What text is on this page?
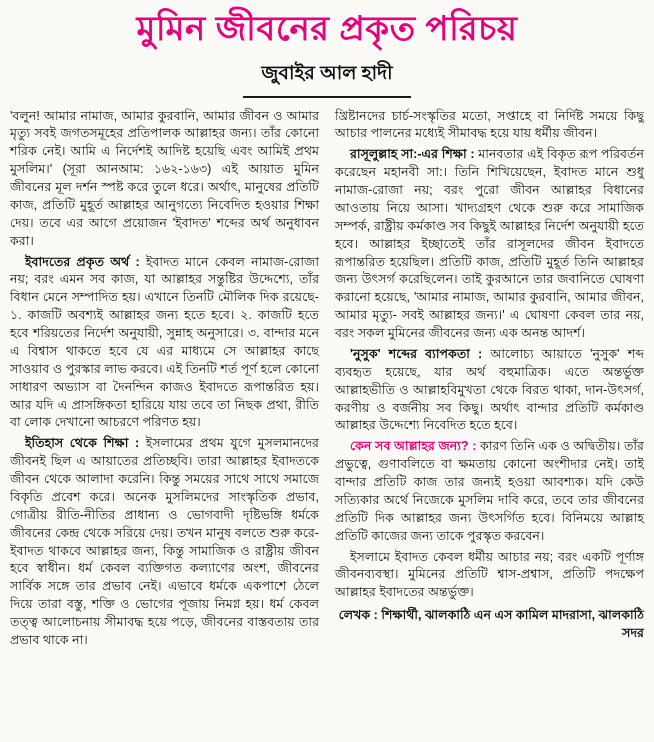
মুমিন জীবনের প্রকৃত পরিচয়
জুবাইর আল হাদী

'বলুন! আমার নামাজ, আমার কুরবানি, আমার জীবন ও আমার মৃত্যু সবই জগতসমূহের প্রতিপালক আল্লাহর জন্য। তাঁর কোনো শরিক নেই। আমি এ নির্দেশই আদিষ্ট হয়েছি এবং আমিই প্রথম মুসলিম।' (সূরা আনআম: ১৬২-১৬৩) এই আয়াত মুমিন জীবনের মূল দর্শন স্পষ্ট করে তুলে ধরে। অর্থাৎ, মানুষের প্রতিটি কাজ, প্রতিটি মুহূর্ত আল্লাহর আনুগত্যে নিবেদিত হওয়ার শিক্ষা দেয়। তবে এর আগে প্রয়োজন 'ইবাদত' শব্দের অর্থ অনুধাবন করা।

ইবাদতের প্রকৃত অর্থ : ইবাদত মানে কেবল নামাজ-রোজা নয়; বরং এমন সব কাজ, যা আল্লাহর সন্তুষ্টির উদ্দেশ্যে, তাঁর বিধান মেনে সম্পাদিত হয়। এখানে তিনটি মৌলিক দিক রয়েছে- ১. কাজটি অবশ্যই আল্লাহর জন্য হতে হবে। ২. কাজটি হতে হবে শরিয়তের নির্দেশ অনুযায়ী, সুন্নাহ অনুসারে। ৩. বান্দার মনে এ বিশ্বাস থাকতে হবে যে এর মাধ্যমে সে আল্লাহর কাছে সাওয়াব ও পুরস্কার লাভ করবে। এই তিনটি শর্ত পূর্ণ হলে কোনো সাধারণ অভ্যাস বা দৈনন্দিন কাজও ইবাদতে রূপান্তরিত হয়। আর যদি এ প্রাসঙ্গিকতা হারিয়ে যায় তবে তা নিছক প্রথা, রীতি বা লোক দেখানো আচরণে পরিণত হয়।

ইতিহাস থেকে শিক্ষা : ইসলামের প্রথম যুগে মুসলমানদের জীবনই ছিল এ আয়াতের প্রতিচ্ছবি। তারা আল্লাহর ইবাদতকে জীবন থেকে আলাদা করেনি। কিন্তু সময়ের সাথে সাথে সমাজে বিকৃতি প্রবেশ করে। অনেক মুসলিমদের সাংস্কৃতিক প্রভাব, গোত্রীয় রীতি-নীতির প্রাধান্য ও ভোগবাদী দৃষ্টিভঙ্গি ধর্মকে জীবনের কেন্দ্র থেকে সরিয়ে দেয়। তখন মানুষ বলতে শুরু করে- ইবাদত থাকবে আল্লাহর জন্য, কিন্তু সামাজিক ও রাষ্ট্রীয় জীবন হবে স্বাধীন। ধর্ম কেবল ব্যক্তিগত কল্যাণের অংশ, জীবনের সার্বিক সঙ্গে তার প্রভাব নেই। এভাবে ধর্মকে একপাশে ঠেলে দিয়ে তারা বস্তু, শক্তি ও ভোগের পূজায় নিমগ্ন হয়। ধর্ম কেবল তত্ত্ব আলোচনায় সীমাবদ্ধ হয়ে পড়ে, জীবনের বাস্তবতায় তার প্রভাব থাকে না।

খ্রিষ্টানদের চার্চ-সংস্কৃতির মতো, সপ্তাহে বা নির্দিষ্ট সময়ে কিছু আচার পালনের মধ্যেই সীমাবদ্ধ হয়ে যায় ধর্মীয় জীবন।

রাসূলুল্লাহ সা:-এর শিক্ষা : মানবতার এই বিকৃত রূপ পরিবর্তন করেছেন মহানবী সা:। তিনি শিখিয়েছেন, ইবাদত মানে শুধু নামাজ-রোজা নয়; বরং পুরো জীবন আল্লাহর বিধানের আওতায় নিয়ে আসা। খাদ্যগ্রহণ থেকে শুরু করে সামাজিক সম্পর্ক, রাষ্ট্রীয় কর্মকাণ্ড সব কিছুই আল্লাহর নির্দেশ অনুযায়ী হতে হবে। আল্লাহর ইচ্ছাতেই তাঁর রাসূলদের জীবন ইবাদতে রূপান্তরিত হয়েছিল। প্রতিটি কাজ, প্রতিটি মুহূর্ত তিনি আল্লাহর জন্য উৎসর্গ করেছিলেন। তাই কুরআনে তার জবানিতে ঘোষণা করানো হয়েছে, 'আমার নামাজ, আমার কুরবানি, আমার জীবন, আমার মৃত্যু- সবই আল্লাহর জন্য।' এ ঘোষণা কেবল তার নয়, বরং সকল মুমিনের জীবনের জন্য এক অনন্ত আদর্শ।

'নুসুক' শব্দের ব্যাপকতা : আলোচ্য আয়াতে 'নুসুক' শব্দ ব্যবহৃত হয়েছে, যার অর্থ বহুমাত্রিক। এতে অন্তর্ভুক্ত আল্লাহভীতি ও আল্লাহবিমুখতা থেকে বিরত থাকা, দান-উৎসর্গ, করণীয় ও বর্জনীয় সব কিছু। অর্থাৎ বান্দার প্রতিটি কর্মকাণ্ড আল্লাহর উদ্দেশ্যে নিবেদিত হতে হবে।

কেন সব আল্লাহর জন্য? : কারণ তিনি এক ও অদ্বিতীয়। তাঁর প্রভুত্বে, গুণাবলিতে বা ক্ষমতায় কোনো অংশীদার নেই। তাই বান্দার প্রতিটি কাজ তার জন্যই হওয়া আবশ্যক। যদি কেউ সত্যিকার অর্থে নিজেকে মুসলিম দাবি করে, তবে তার জীবনের প্রতিটি দিক আল্লাহর জন্য উৎসর্গিত হবে। বিনিময়ে আল্লাহ প্রতিটি কাজের জন্য তাকে পুরস্কৃত করবেন।

ইসলামে ইবাদত কেবল ধর্মীয় আচার নয়; বরং একটি পূর্ণাঙ্গ জীবনব্যবস্থা। মুমিনের প্রতিটি শ্বাস-প্রশ্বাস, প্রতিটি পদক্ষেপ আল্লাহর ইবাদতের অন্তর্ভুক্ত।

লেখক : শিক্ষার্থী, ঝালকাঠি এন এস কামিল মাদরাসা, ঝালকাঠি সদর
